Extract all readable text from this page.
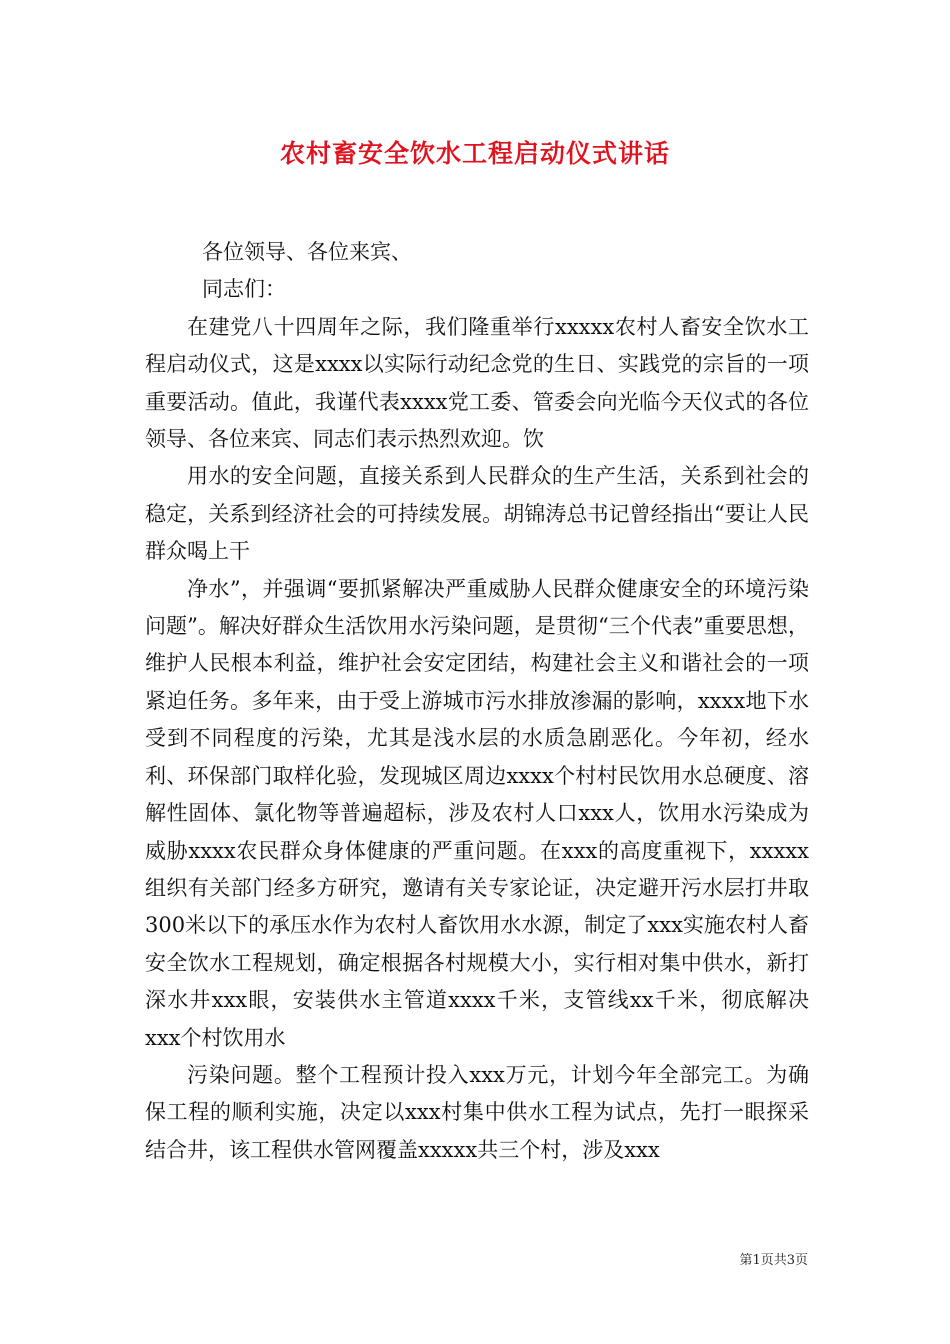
农村畜安全饮水工程启动仪式讲话

各位领导、各位来宾、

同志们：

在建党八十四周年之际，我们隆重举行xxxxx农村人畜安全饮水工程启动仪式，这是xxxx以实际行动纪念党的生日、实践党的宗旨的一项重要活动。值此，我谨代表xxxx党工委、管委会向光临今天仪式的各位领导、各位来宾、同志们表示热烈欢迎。饮

用水的安全问题，直接关系到人民群众的生产生活，关系到社会的稳定，关系到经济社会的可持续发展。胡锦涛总书记曾经指出“要让人民群众喝上干

净水”，并强调“要抓紧解决严重威胁人民群众健康安全的环境污染问题”。解决好群众生活饮用水污染问题，是贯彻“三个代表”重要思想，维护人民根本利益，维护社会安定团结，构建社会主义和谐社会的一项紧迫任务。多年来，由于受上游城市污水排放渗漏的影响，xxxx地下水受到不同程度的污染，尤其是浅水层的水质急剧恶化。今年初，经水利、环保部门取样化验，发现城区周边xxxx个村村民饮用水总硬度、溶解性固体、氯化物等普遍超标，涉及农村人口xxx人，饮用水污染成为威胁xxxx农民群众身体健康的严重问题。在xxx的高度重视下，xxxxx组织有关部门经多方研究，邀请有关专家论证，决定避开污水层打井取300米以下的承压水作为农村人畜饮用水水源，制定了xxx实施农村人畜安全饮水工程规划，确定根据各村规模大小，实行相对集中供水，新打深水井xxx眼，安装供水主管道xxxx千米，支管线xx千米，彻底解决xxx个村饮用水

污染问题。整个工程预计投入xxx万元，计划今年全部完工。为确保工程的顺利实施，决定以xxx村集中供水工程为试点，先打一眼探采结合井，该工程供水管网覆盖xxxxx共三个村，涉及xxx

第1页共3页
